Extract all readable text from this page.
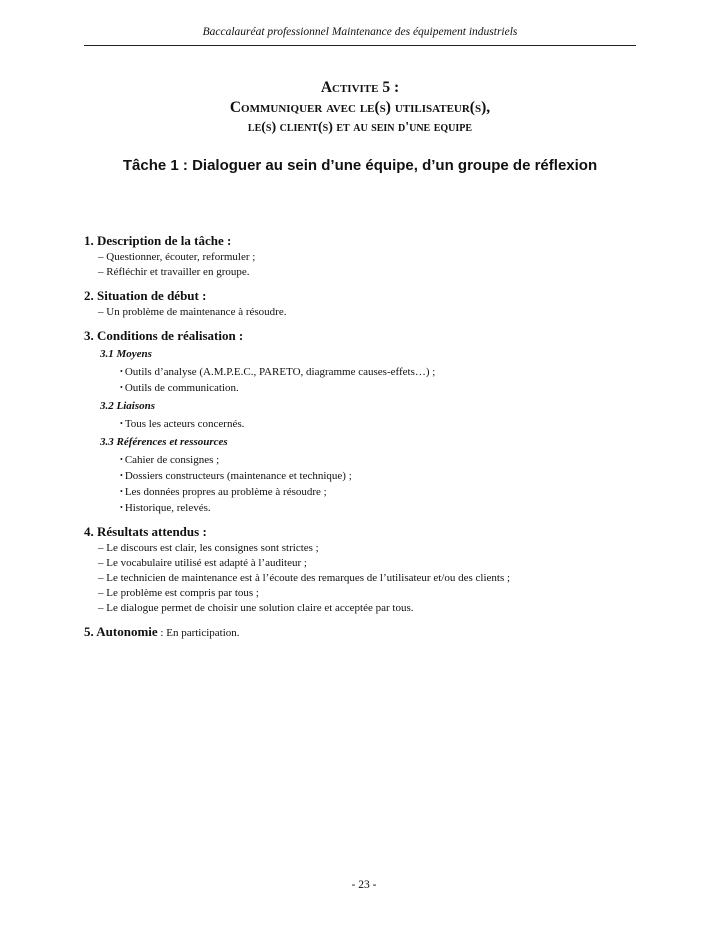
Baccalauréat professionnel Maintenance des équipement industriels
Activite 5 :
Communiquer avec le(s) utilisateur(s),
le(s) client(s) et au sein d'une equipe
Tâche 1 : Dialoguer au sein d’une équipe, d’un groupe de réflexion
1. Description de la tâche :
– Questionner, écouter, reformuler ;
– Réfléchir et travailler en groupe.
2. Situation de début :
– Un problème de maintenance à résoudre.
3. Conditions de réalisation :
3.1 Moyens
• Outils d’analyse (A.M.P.E.C., PARETO, diagramme causes-effets…) ;
• Outils de communication.
3.2 Liaisons
• Tous les acteurs concernés.
3.3 Références et ressources
• Cahier de consignes ;
• Dossiers constructeurs (maintenance et technique) ;
• Les données propres au problème à résoudre ;
• Historique, relevés.
4. Résultats attendus :
– Le discours est clair, les consignes sont strictes ;
– Le vocabulaire utilisé est adapté à l’auditeur ;
– Le technicien de maintenance est à l’écoute des remarques de l’utilisateur et/ou des clients ;
– Le problème est compris par tous ;
– Le dialogue permet de choisir une solution claire et acceptée par tous.
5. Autonomie : En participation.
- 23 -
